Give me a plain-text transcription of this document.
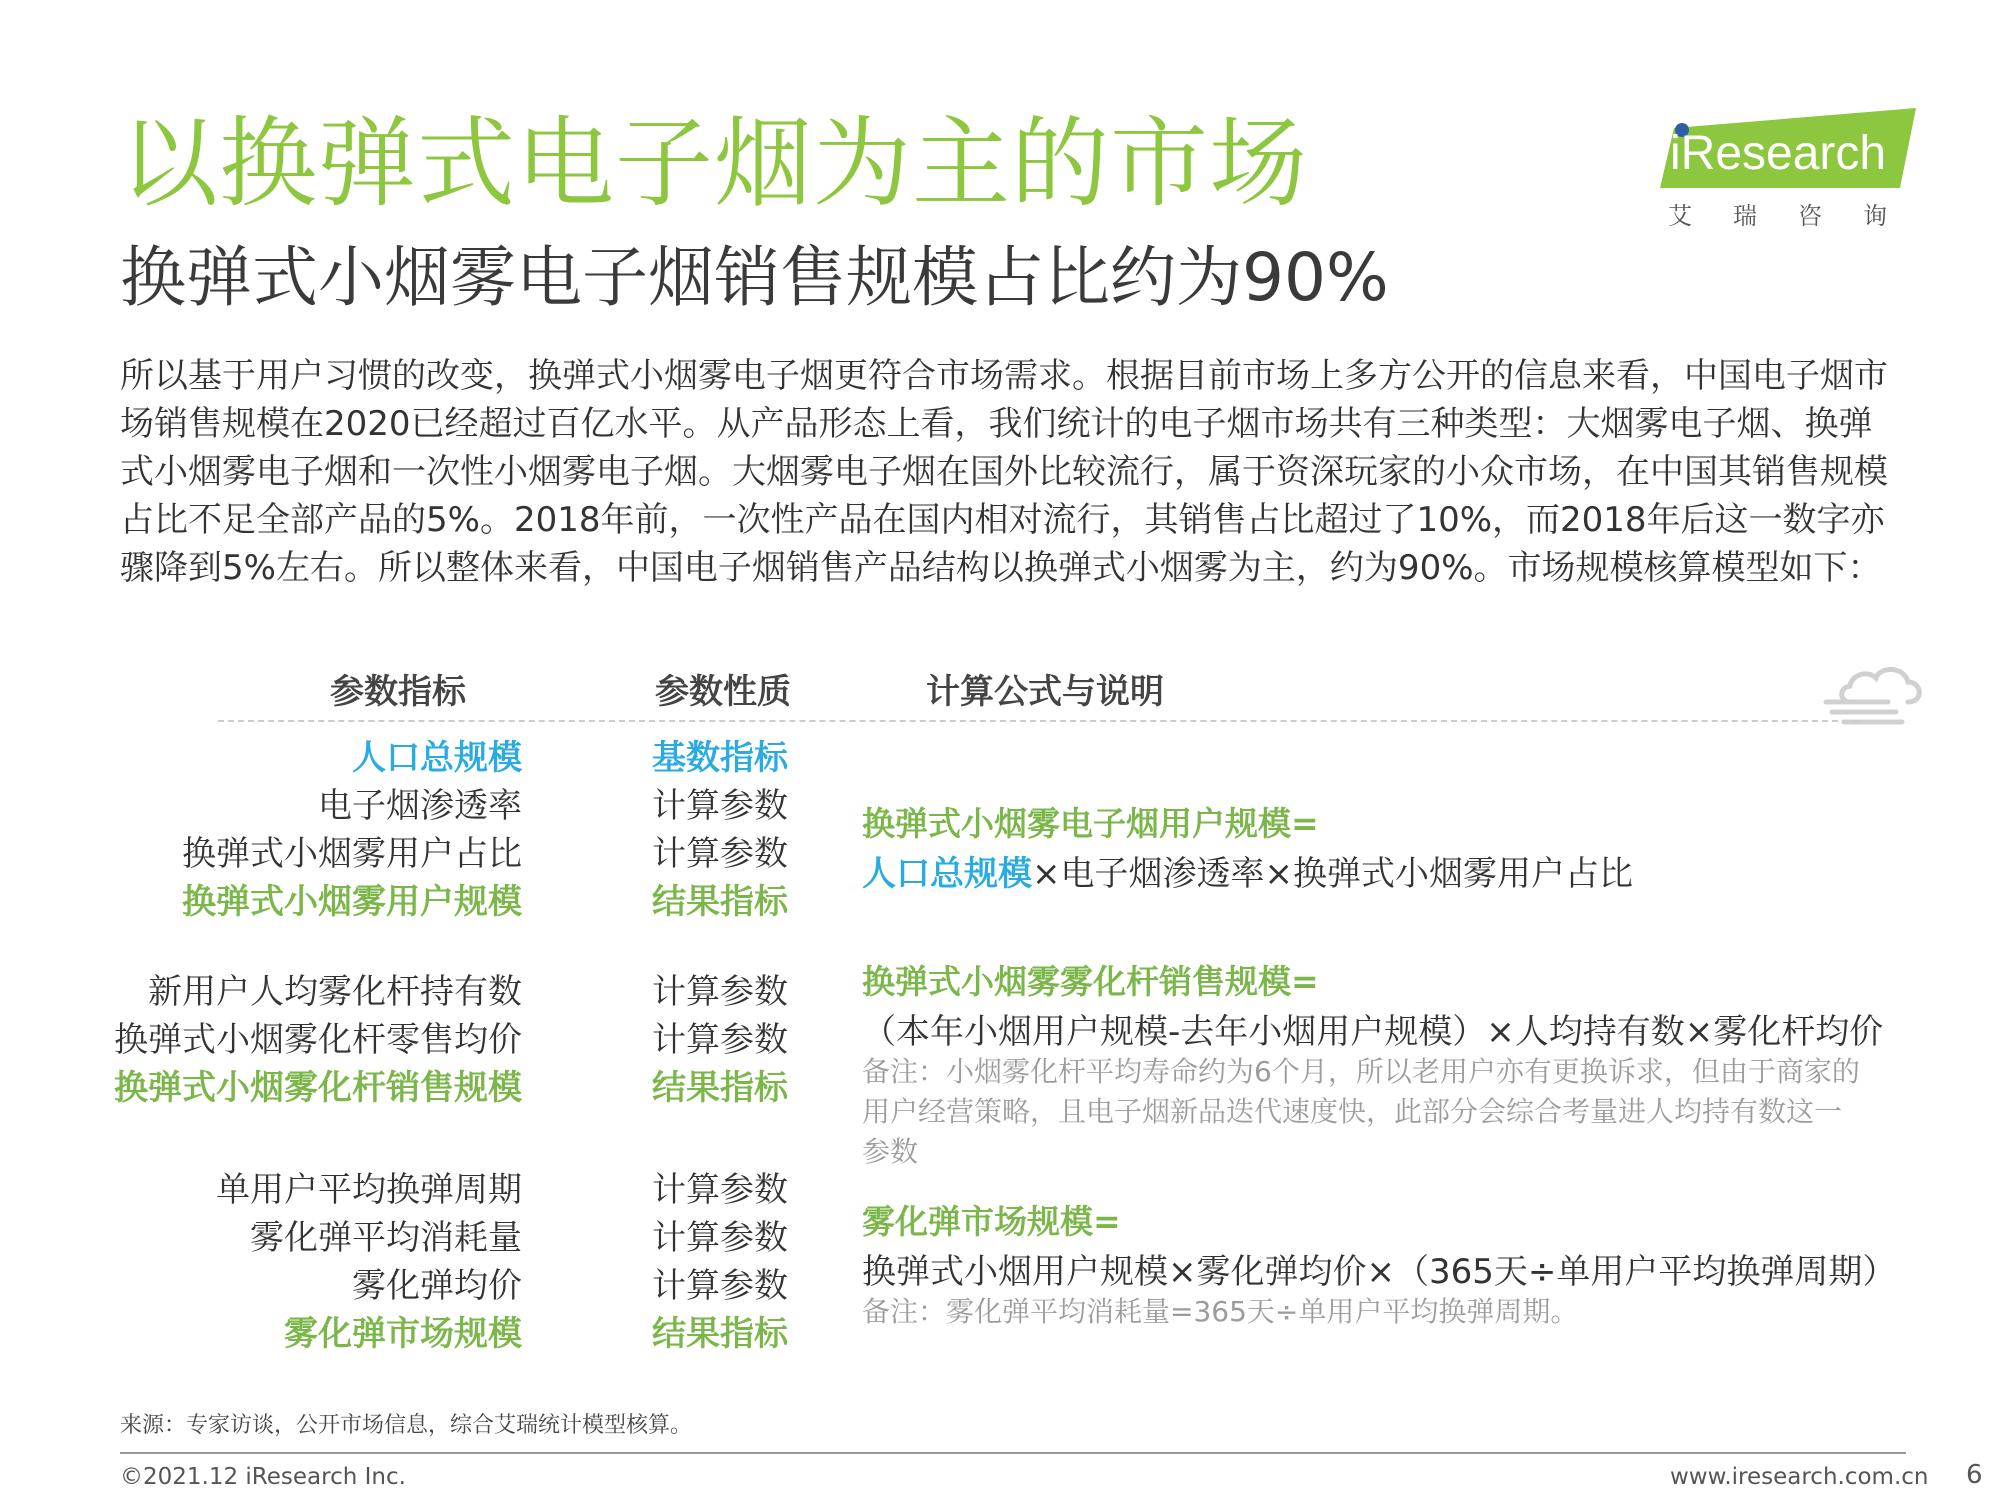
以换弹式电子烟为主的市场
换弹式小烟雾电子烟销售规模占比约为90%
iResearch
艾瑞咨询
所以基于用户习惯的改变，换弹式小烟雾电子烟更符合市场需求。根据目前市场上多方公开的信息来看，中国电子烟市场销售规模在2020已经超过百亿水平。从产品形态上看，我们统计的电子烟市场共有三种类型：大烟雾电子烟、换弹式小烟雾电子烟和一次性小烟雾电子烟。大烟雾电子烟在国外比较流行，属于资深玩家的小众市场，在中国其销售规模占比不足全部产品的5%。2018年前，一次性产品在国内相对流行，其销售占比超过了10%，而2018年后这一数字亦骤降到5%左右。所以整体来看，中国电子烟销售产品结构以换弹式小烟雾为主，约为90%。市场规模核算模型如下：
参数指标	参数性质	计算公式与说明
人口总规模	基数指标
电子烟渗透率	计算参数
换弹式小烟雾用户占比	计算参数
换弹式小烟雾用户规模	结果指标
新用户人均雾化杆持有数	计算参数
换弹式小烟雾化杆零售均价	计算参数
换弹式小烟雾化杆销售规模	结果指标
单用户平均换弹周期	计算参数
雾化弹平均消耗量	计算参数
雾化弹均价	计算参数
雾化弹市场规模	结果指标
换弹式小烟雾电子烟用户规模=
人口总规模×电子烟渗透率×换弹式小烟雾用户占比
换弹式小烟雾雾化杆销售规模=
（本年小烟用户规模-去年小烟用户规模）×人均持有数×雾化杆均价
备注：小烟雾化杆平均寿命约为6个月，所以老用户亦有更换诉求，但由于商家的用户经营策略，且电子烟新品迭代速度快，此部分会综合考量进人均持有数这一参数
雾化弹市场规模=
换弹式小烟用户规模×雾化弹均价×（365天÷单用户平均换弹周期）
备注：雾化弹平均消耗量=365天÷单用户平均换弹周期。
来源：专家访谈，公开市场信息，综合艾瑞统计模型核算。
©2021.12 iResearch Inc.	www.iresearch.com.cn 6
